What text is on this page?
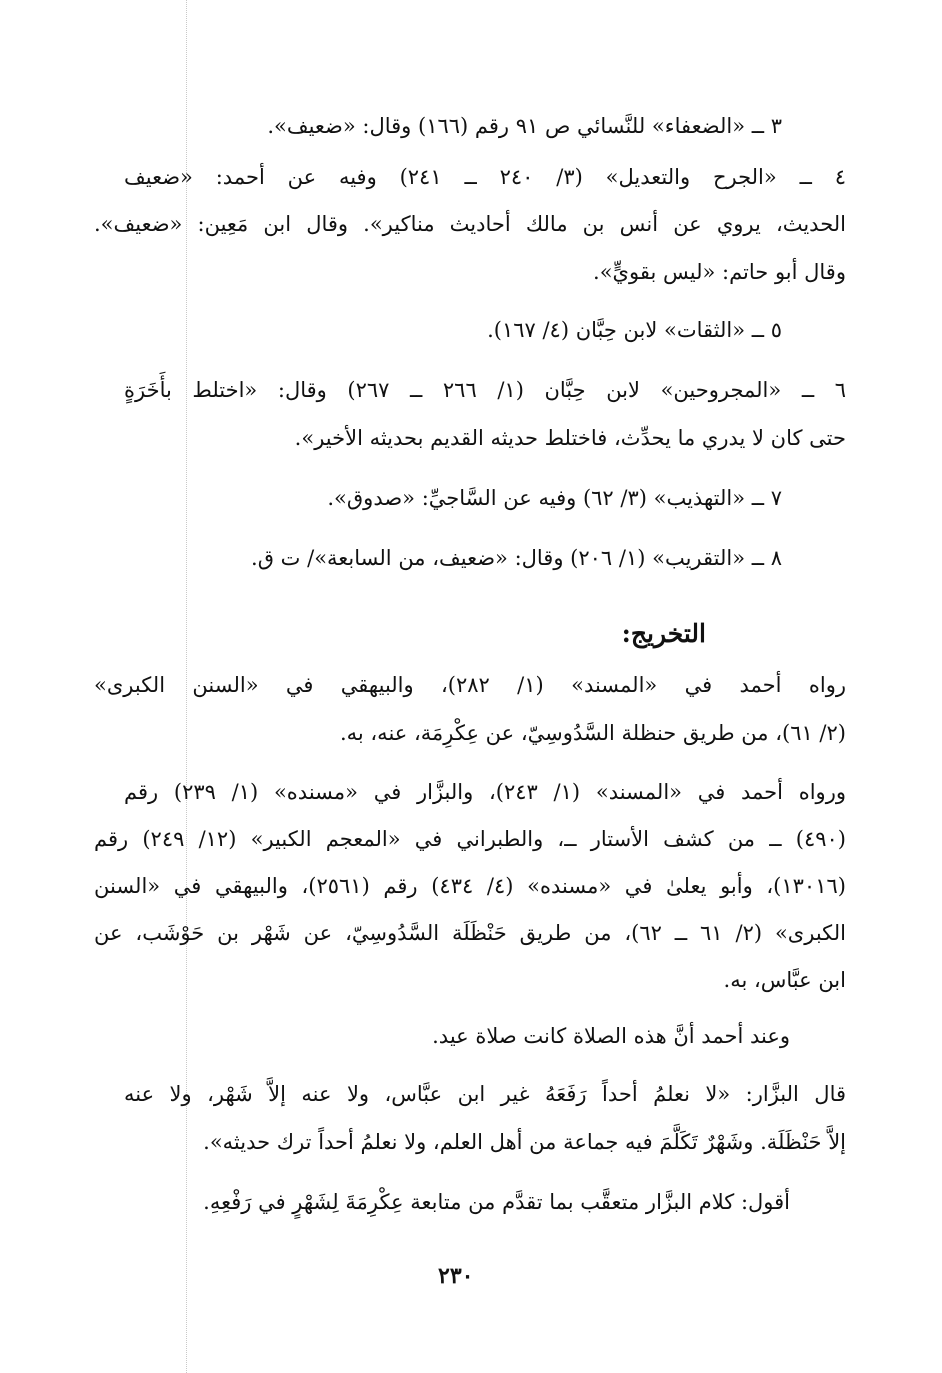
٣ ــ «الضعفاء» للنَّسائي ص ٩١ رقم (١٦٦) وقال: «ضعيف».
٤ ــ «الجرح والتعديل» (٣/ ٢٤٠ ــ ٢٤١) وفيه عن أحمد: «ضعيف
الحديث، يروي عن أنس بن مالك أحاديث مناكير». وقال ابن مَعِين: «ضعيف».
وقال أبو حاتم: «ليس بقويٍّ».
٥ ــ «الثقات» لابن حِبَّان (٤/ ١٦٧).
٦ ــ «المجروحين» لابن حِبَّان (١/ ٢٦٦ ــ ٢٦٧) وقال: «اختلط بأَخَرَةٍ
حتى كان لا يدري ما يحدِّث، فاختلط حديثه القديم بحديثه الأخير».
٧ ــ «التهذيب» (٣/ ٦٢) وفيه عن السَّاجيِّ: «صدوق».
٨ ــ «التقريب» (١/ ٢٠٦) وقال: «ضعيف، من السابعة»/ ت ق.
التخريج:
رواه أحمد في «المسند» (١/ ٢٨٢)، والبيهقي في «السنن الكبرى»
(٢/ ٦١)، من طريق حنظلة السَّدُوسِيّ، عن عِكْرِمَة، عنه، به.
ورواه أحمد في «المسند» (١/ ٢٤٣)، والبزَّار في «مسنده» (١/ ٢٣٩) رقم
(٤٩٠) ــ من كشف الأستار ــ، والطبراني في «المعجم الكبير» (١٢/ ٢٤٩) رقم
(١٣٠١٦)، وأبو يعلىٰ في «مسنده» (٤/ ٤٣٤) رقم (٢٥٦١)، والبيهقي في «السنن
الكبرى» (٢/ ٦١ ــ ٦٢)، من طريق حَنْظَلَة السَّدُوسِيّ، عن شَهْر بن حَوْشَب، عن
ابن عبَّاس، به.
وعند أحمد أنَّ هذه الصلاة كانت صلاة عيد.
قال البزَّار: «لا نعلمُ أحداً رَفَعَهُ غير ابن عبَّاس، ولا عنه إلاَّ شَهْر، ولا عنه
إلاَّ حَنْظَلَة. وشَهْرٌ تَكَلَّمَ فيه جماعة من أهل العلم، ولا نعلمُ أحداً ترك حديثه».
أقول: كلام البزَّار متعقَّب بما تقدَّم من متابعة عِكْرِمَةَ لِشَهْرٍ في رَفْعِهِ.
٢٣٠
